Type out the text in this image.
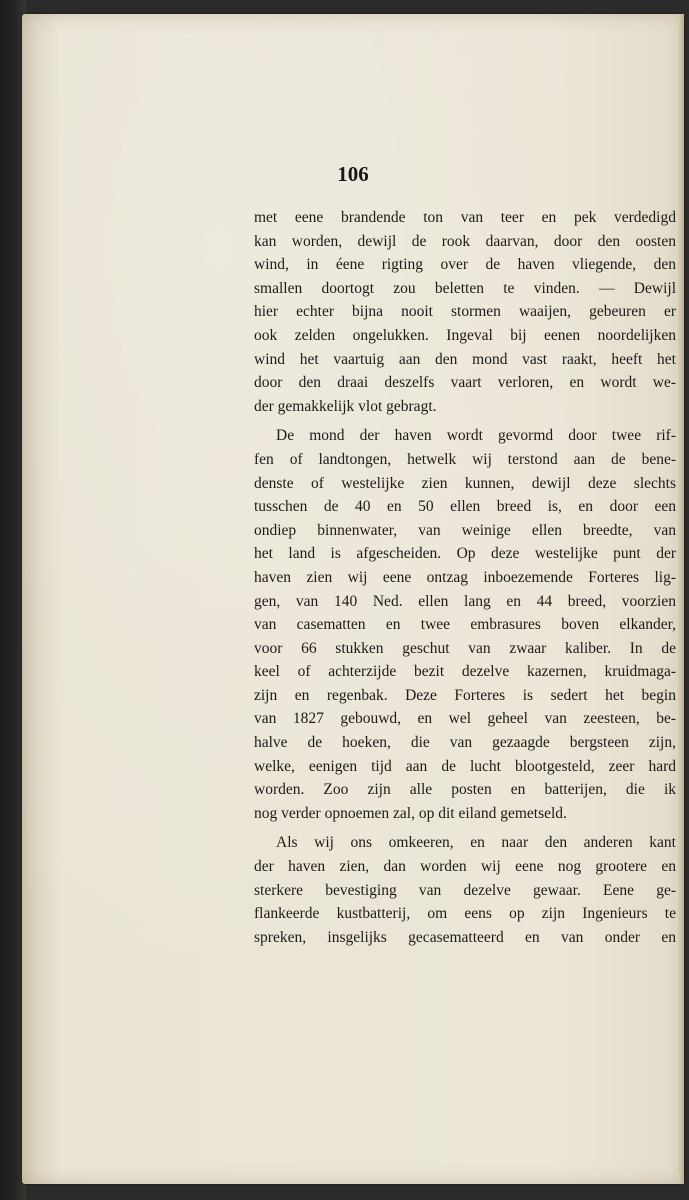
106
met eene brandende ton van teer en pek verdedigd
kan worden, dewijl de rook daarvan, door den oosten
wind, in éene rigting over de haven vliegende, den
smallen doortogt zou beletten te vinden. — Dewijl
hier echter bijna nooit stormen waaijen, gebeuren er
ook zelden ongelukken. Ingeval bij eenen noordelijken
wind het vaartuig aan den mond vast raakt, heeft het
door den draai deszelfs vaart verloren, en wordt we-
der gemakkelijk vlot gebragt.
De mond der haven wordt gevormd door twee rif-
fen of landtongen, hetwelk wij terstond aan de bene-
denste of westelijke zien kunnen, dewijl deze slechts
tusschen de 40 en 50 ellen breed is, en door een
ondiep binnenwater, van weinige ellen breedte, van
het land is afgescheiden. Op deze westelijke punt der
haven zien wij eene ontzag inboezemende Forteres lig-
gen, van 140 Ned. ellen lang en 44 breed, voorzien
van casematten en twee embrasures boven elkander,
voor 66 stukken geschut van zwaar kaliber. In de
keel of achterzijde bezit dezelve kazernen, kruidmaga-
zijn en regenbak. Deze Forteres is sedert het begin
van 1827 gebouwd, en wel geheel van zeesteen, be-
halve de hoeken, die van gezaagde bergsteen zijn,
welke, eenigen tijd aan de lucht blootgesteld, zeer hard
worden. Zoo zijn alle posten en batterijen, die ik
nog verder opnoemen zal, op dit eiland gemetseld.
Als wij ons omkeeren, en naar den anderen kant
der haven zien, dan worden wij eene nog grootere en
sterkere bevestiging van dezelve gewaar. Eene ge-
flankeerde kustbatterij, om eens op zijn Ingenieurs te
spreken, insgelijks gecasematteerd en van onder en
